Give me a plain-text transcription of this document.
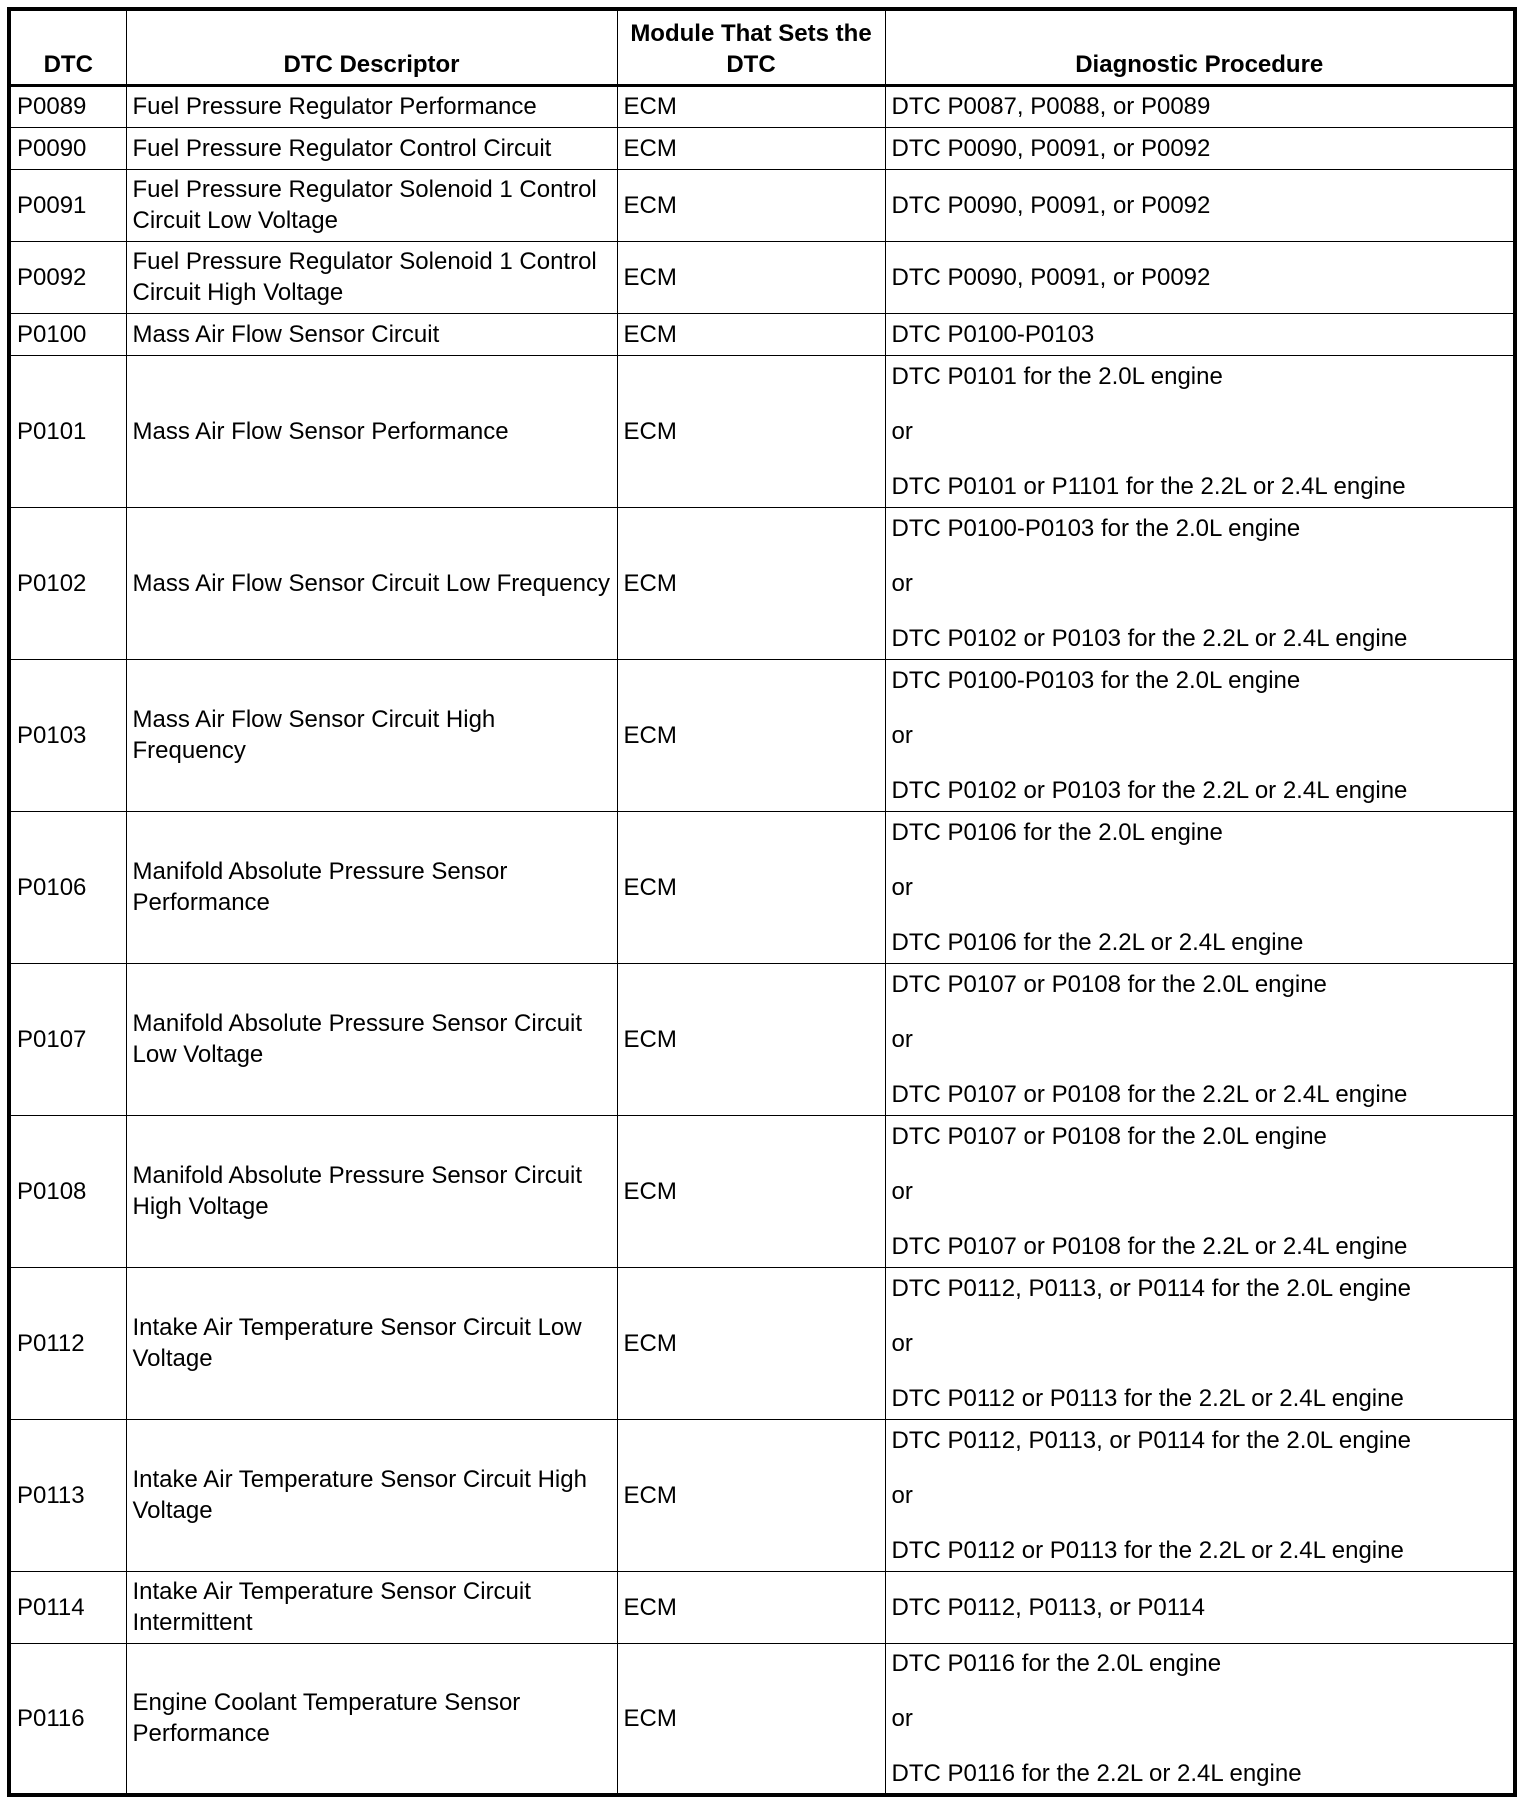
DTC	DTC Descriptor	Module That Sets the DTC	Diagnostic Procedure
P0089	Fuel Pressure Regulator Performance	ECM	DTC P0087, P0088, or P0089

P0090	Fuel Pressure Regulator Control Circuit	ECM	DTC P0090, P0091, or P0092

P0091	Fuel Pressure Regulator Solenoid 1 Control Circuit Low Voltage	ECM	DTC P0090, P0091, or P0092

P0092	Fuel Pressure Regulator Solenoid 1 Control Circuit High Voltage	ECM	DTC P0090, P0091, or P0092

P0100	Mass Air Flow Sensor Circuit	ECM	DTC P0100-P0103

P0101	Mass Air Flow Sensor Performance	ECM	DTC P0101 for the 2.0L engine
or
DTC P0101 or P1101 for the 2.2L or 2.4L engine

P0102	Mass Air Flow Sensor Circuit Low Frequency	ECM	DTC P0100-P0103 for the 2.0L engine
or
DTC P0102 or P0103 for the 2.2L or 2.4L engine

P0103	Mass Air Flow Sensor Circuit High Frequency	ECM	DTC P0100-P0103 for the 2.0L engine
or
DTC P0102 or P0103 for the 2.2L or 2.4L engine

P0106	Manifold Absolute Pressure Sensor Performance	ECM	DTC P0106 for the 2.0L engine
or
DTC P0106 for the 2.2L or 2.4L engine

P0107	Manifold Absolute Pressure Sensor Circuit Low Voltage	ECM	DTC P0107 or P0108 for the 2.0L engine
or
DTC P0107 or P0108 for the 2.2L or 2.4L engine

P0108	Manifold Absolute Pressure Sensor Circuit High Voltage	ECM	DTC P0107 or P0108 for the 2.0L engine
or
DTC P0107 or P0108 for the 2.2L or 2.4L engine

P0112	Intake Air Temperature Sensor Circuit Low Voltage	ECM	DTC P0112, P0113, or P0114 for the 2.0L engine
or
DTC P0112 or P0113 for the 2.2L or 2.4L engine

P0113	Intake Air Temperature Sensor Circuit High Voltage	ECM	DTC P0112, P0113, or P0114 for the 2.0L engine
or
DTC P0112 or P0113 for the 2.2L or 2.4L engine

P0114	Intake Air Temperature Sensor Circuit Intermittent	ECM	DTC P0112, P0113, or P0114

P0116	Engine Coolant Temperature Sensor Performance	ECM	DTC P0116 for the 2.0L engine
or
DTC P0116 for the 2.2L or 2.4L engine
